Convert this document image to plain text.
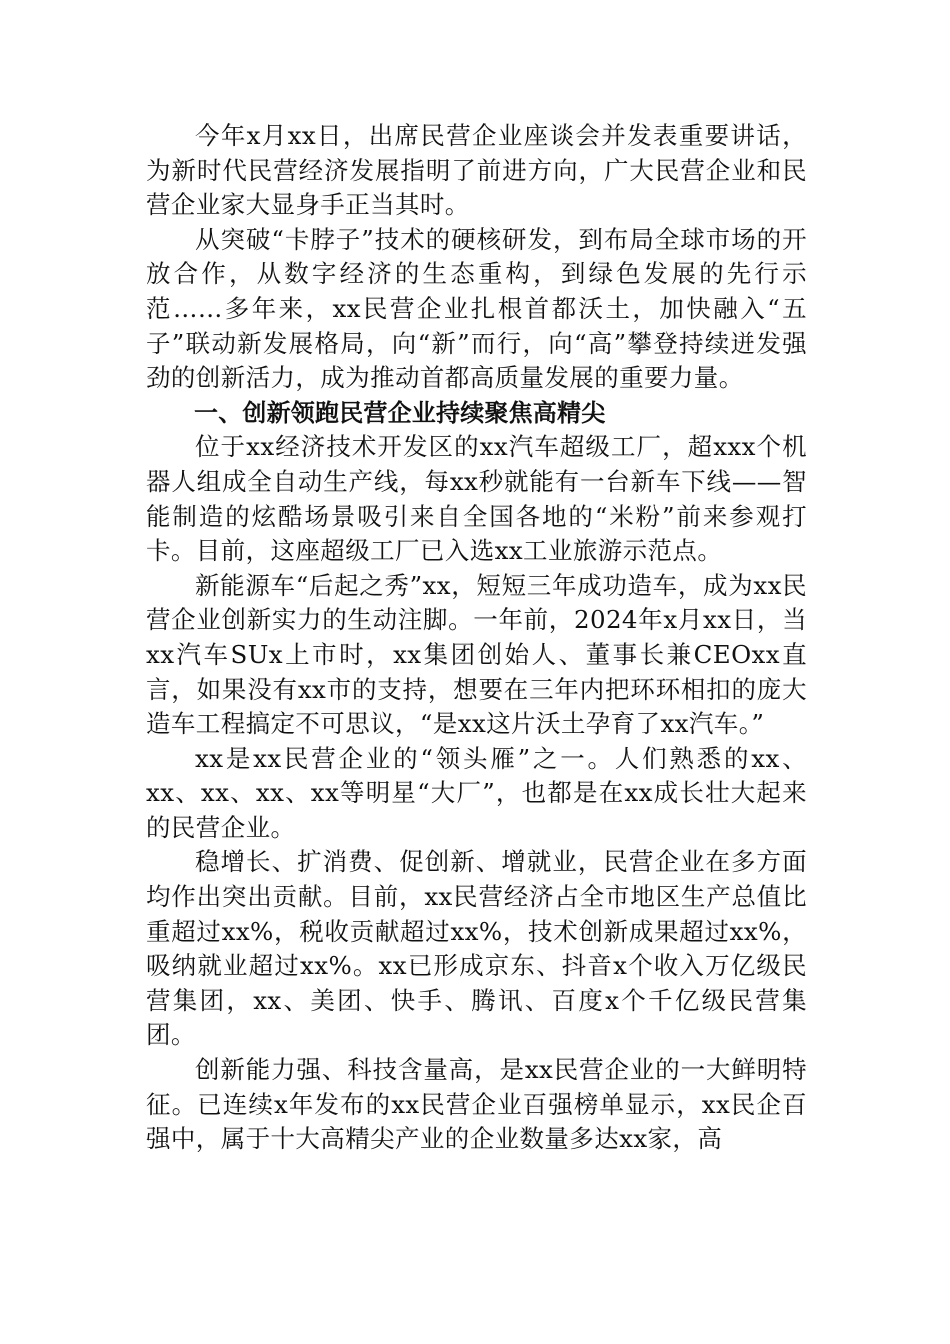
今年x月xx日，出席民营企业座谈会并发表重要讲话，为新时代民营经济发展指明了前进方向，广大民营企业和民营企业家大显身手正当其时。

从突破“卡脖子”技术的硬核研发，到布局全球市场的开放合作，从数字经济的生态重构，到绿色发展的先行示范……多年来，xx民营企业扎根首都沃土，加快融入“五子”联动新发展格局，向“新”而行，向“高”攀登持续迸发强劲的创新活力，成为推动首都高质量发展的重要力量。

一、创新领跑民营企业持续聚焦高精尖

位于xx经济技术开发区的xx汽车超级工厂，超xxx个机器人组成全自动生产线，每xx秒就能有一台新车下线——智能制造的炫酷场景吸引来自全国各地的“米粉”前来参观打卡。目前，这座超级工厂已入选xx工业旅游示范点。

新能源车“后起之秀”xx，短短三年成功造车，成为xx民营企业创新实力的生动注脚。一年前，2024年x月xx日，当xx汽车SUx上市时，xx集团创始人、董事长兼CEOxx直言，如果没有xx市的支持，想要在三年内把环环相扣的庞大造车工程搞定不可思议，“是xx这片沃土孕育了xx汽车。”

xx是xx民营企业的“领头雁”之一。人们熟悉的xx、xx、xx、xx、xx等明星“大厂”，也都是在xx成长壮大起来的民营企业。

稳增长、扩消费、促创新、增就业，民营企业在多方面均作出突出贡献。目前，xx民营经济占全市地区生产总值比重超过xx%，税收贡献超过xx%，技术创新成果超过xx%，吸纳就业超过xx%。xx已形成京东、抖音x个收入万亿级民营集团，xx、美团、快手、腾讯、百度x个千亿级民营集团。

创新能力强、科技含量高，是xx民营企业的一大鲜明特征。已连续x年发布的xx民营企业百强榜单显示，xx民企百强中，属于十大高精尖产业的企业数量多达xx家，高
